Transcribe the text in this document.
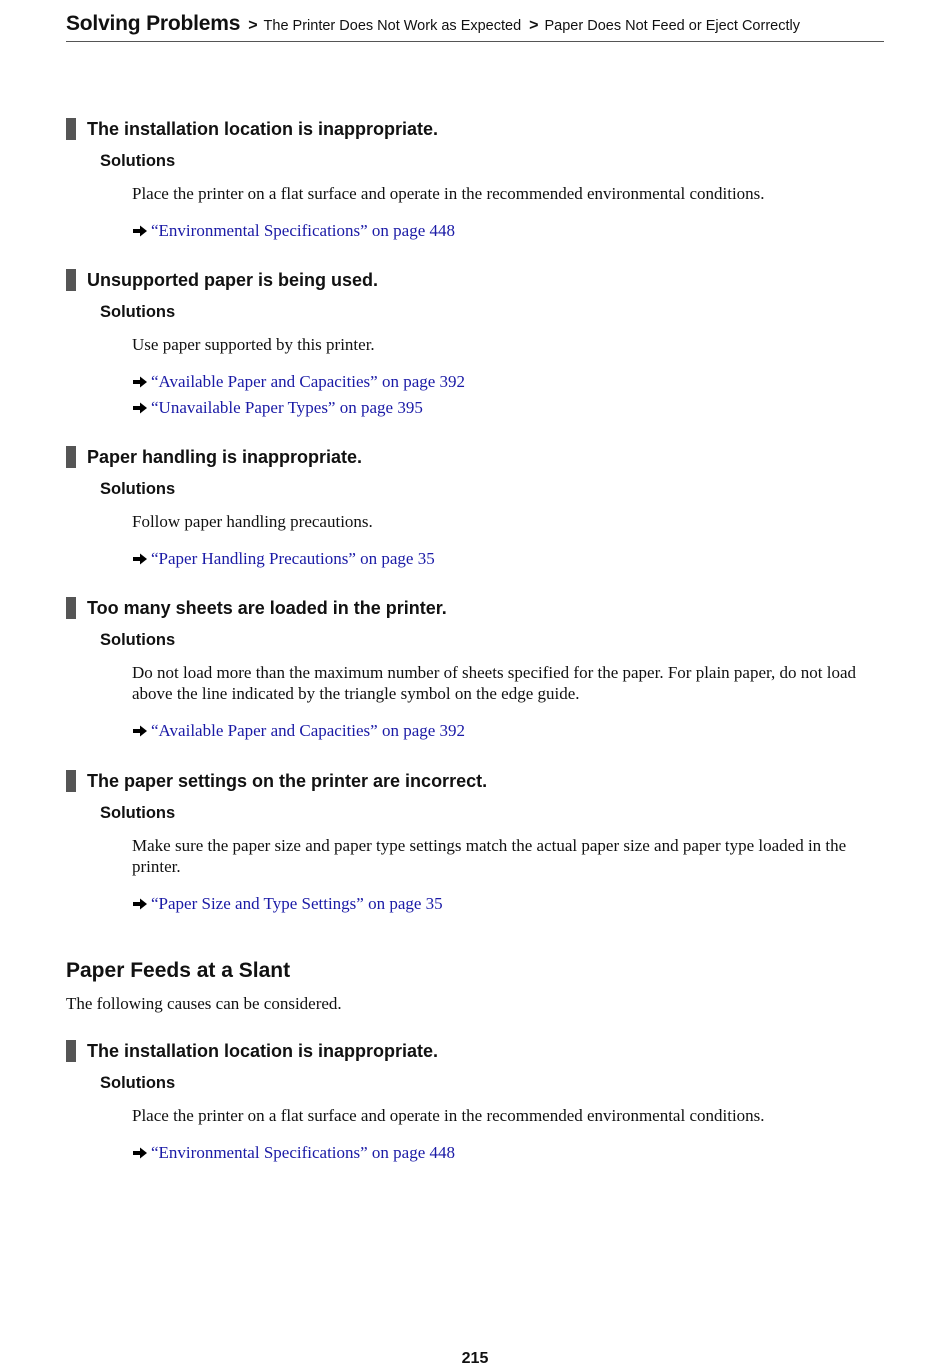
Solving Problems > The Printer Does Not Work as Expected > Paper Does Not Feed or Eject Correctly
The installation location is inappropriate.
Solutions
Place the printer on a flat surface and operate in the recommended environmental conditions.
“Environmental Specifications” on page 448
Unsupported paper is being used.
Solutions
Use paper supported by this printer.
“Available Paper and Capacities” on page 392
“Unavailable Paper Types” on page 395
Paper handling is inappropriate.
Solutions
Follow paper handling precautions.
“Paper Handling Precautions” on page 35
Too many sheets are loaded in the printer.
Solutions
Do not load more than the maximum number of sheets specified for the paper. For plain paper, do not load above the line indicated by the triangle symbol on the edge guide.
“Available Paper and Capacities” on page 392
The paper settings on the printer are incorrect.
Solutions
Make sure the paper size and paper type settings match the actual paper size and paper type loaded in the printer.
“Paper Size and Type Settings” on page 35
Paper Feeds at a Slant
The following causes can be considered.
The installation location is inappropriate.
Solutions
Place the printer on a flat surface and operate in the recommended environmental conditions.
“Environmental Specifications” on page 448
215
